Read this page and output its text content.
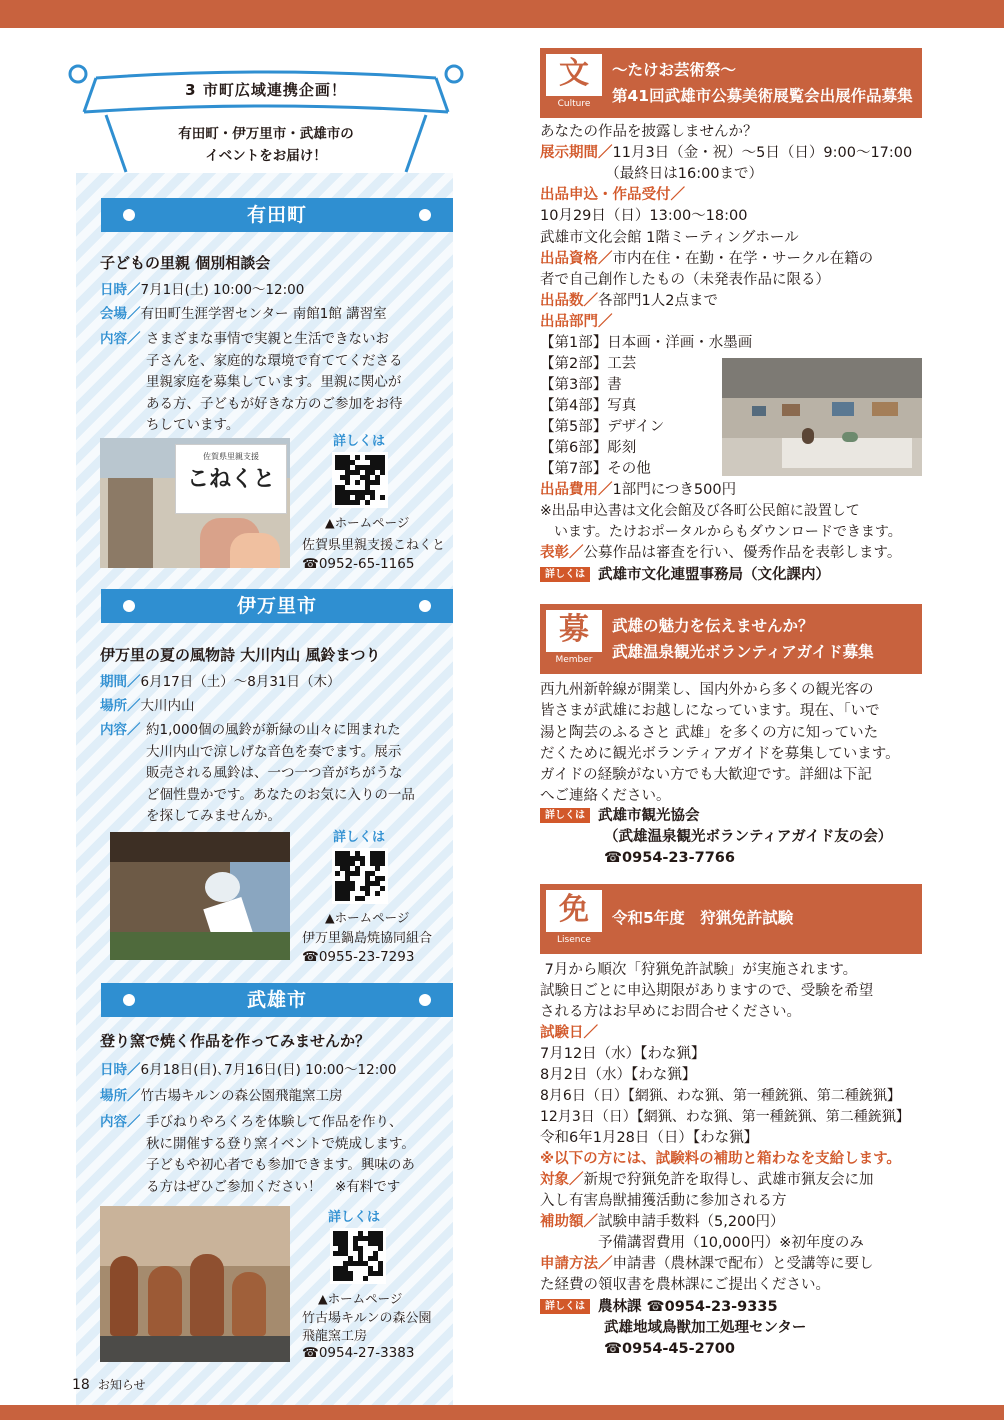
3 市町広域連携企画！
有田町・伊万里市・武雄市の
イベントをお届け！
有田町
子どもの里親 個別相談会
日時／7月1日(土) 10:00～12:00
会場／有田町生涯学習センター 南館1館 講習室
内容／ さまざまな事情で実親と生活できないお
子さんを、家庭的な環境で育ててくださる
里親家庭を募集しています。里親に関心が
ある方、子どもが好きな方のご参加をお待
ちしています。
佐賀県里親支援
こねくと
詳しくは
▲ホームページ
佐賀県里親支援こねくと
☎0952-65-1165
伊万里市
伊万里の夏の風物詩 大川内山 風鈴まつり
期間／6月17日（土）～8月31日（木）
場所／大川内山
内容／ 約1,000個の風鈴が新緑の山々に囲まれた
大川内山で涼しげな音色を奏でます。展示
販売される風鈴は、一つ一つ音がちがうな
ど個性豊かです。あなたのお気に入りの一品
を探してみませんか。
詳しくは
▲ホームページ
伊万里鍋島焼協同組合
☎0955-23-7293
武雄市
登り窯で焼く作品を作ってみませんか？
日時／6月18日(日)､7月16日(日) 10:00～12:00
場所／竹古場キルンの森公園飛龍窯工房
内容／ 手びねりやろくろを体験して作品を作り、
秋に開催する登り窯イベントで焼成します。
子どもや初心者でも参加できます。興味のあ
る方はぜひご参加ください！　※有料です
詳しくは
▲ホームページ
竹古場キルンの森公園
飛龍窯工房
☎0954-27-3383
文
Culture
～たけお芸術祭～
第41回武雄市公募美術展覧会出展作品募集
あなたの作品を披露しませんか？
展示期間／11月3日（金・祝）～5日（日）9:00～17:00
　　　　　（最終日は16:00まで）
出品申込・作品受付／
10月29日（日）13:00～18:00
武雄市文化会館 1階ミーティングホール
出品資格／市内在住・在勤・在学・サークル在籍の
者で自己創作したもの（未発表作品に限る）
出品数／各部門1人2点まで
出品部門／
【第1部】日本画・洋画・水墨画
【第2部】工芸
【第3部】書
【第4部】写真
【第5部】デザイン
【第6部】彫刻
【第7部】その他
出品費用／1部門につき500円
※出品申込書は文化会館及び各町公民館に設置して
　います。たけおポータルからもダウンロードできます。
表彰／公募作品は審査を行い、優秀作品を表彰します。
詳しくは 武雄市文化連盟事務局（文化課内）
募
Member
武雄の魅力を伝えませんか？
武雄温泉観光ボランティアガイド募集
西九州新幹線が開業し、国内外から多くの観光客の
皆さまが武雄にお越しになっています。現在、「いで
湯と陶芸のふるさと 武雄」を多くの方に知っていた
だくために観光ボランティアガイドを募集しています。
ガイドの経験がない方でも大歓迎です。詳細は下記
へご連絡ください。
詳しくは 武雄市観光協会
（武雄温泉観光ボランティアガイド友の会）
☎0954-23-7766
免
Lisence
令和5年度　狩猟免許試験
7月から順次「狩猟免許試験」が実施されます。
試験日ごとに申込期限がありますので、受験を希望
される方はお早めにお問合せください。
試験日／
7月12日（水）【わな猟】
8月2日（水）【わな猟】
8月6日（日）【網猟、わな猟、第一種銃猟、第二種銃猟】
12月3日（日）【網猟、わな猟、第一種銃猟、第二種銃猟】
令和6年1月28日（日）【わな猟】
※以下の方には、試験料の補助と箱わなを支給します。
対象／新規で狩猟免許を取得し、武雄市猟友会に加
入し有害鳥獣捕獲活動に参加される方
補助額／試験申請手数料（5,200円）
　　　　予備講習費用（10,000円）※初年度のみ
申請方法／申請書（農林課で配布）と受講等に要し
た経費の領収書を農林課にご提出ください。
詳しくは 農林課 ☎0954-23-9335
武雄地域鳥獣加工処理センター
☎0954-45-2700
18 お知らせ
